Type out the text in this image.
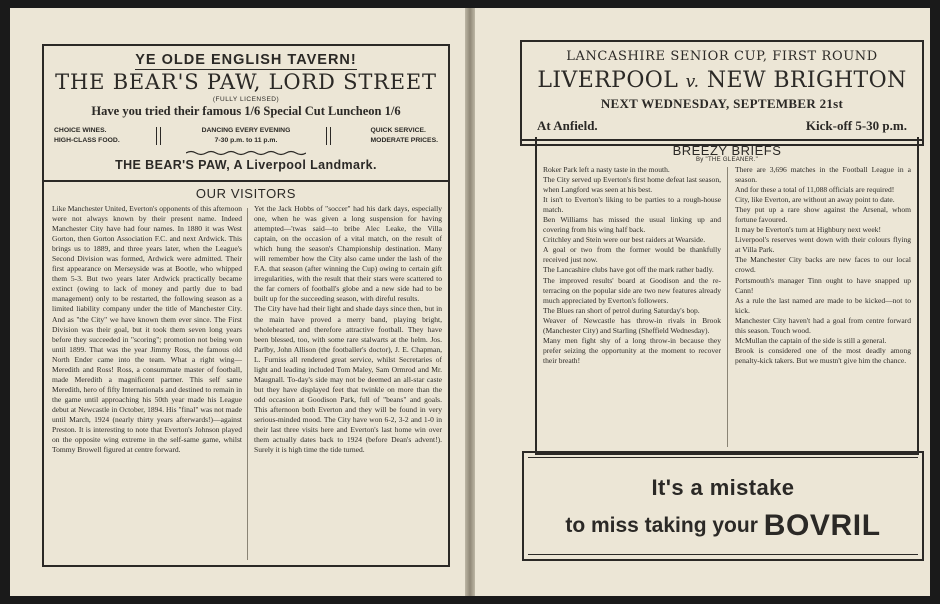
YE OLDE ENGLISH TAVERN!
THE BEAR'S PAW, LORD STREET
(FULLY LICENSED)
Have you tried their famous 1/6 Special Cut Luncheon 1/6
CHOICE WINES.
HIGH-CLASS FOOD.
DANCING EVERY EVENING
7-30 p.m. to 11 p.m.
QUICK SERVICE.
MODERATE PRICES.
THE BEAR'S PAW, A Liverpool Landmark.
OUR VISITORS
Like Manchester United, Everton's opponents of this afternoon were not always known by their present name. Indeed Manchester City have had four names. In 1880 it was West Gorton, then Gorton Association F.C. and next Ardwick. This brings us to 1889, and three years later, when the League's Second Division was formed, Ardwick were admitted. Their first appearance on Merseyside was at Bootle, who whipped them 5-3. But two years later Ardwick practically became extinct (owing to lack of money and partly due to bad management) only to be restarted, the following season as a limited liability company under the title of Manchester City. And as "the City" we have known them ever since. The First Division was their goal, but it took them seven long years before they succeeded in "scoring"; promotion not being won until 1899. That was the year Jimmy Ross, the famous old North Ender came into the team. What a right wing—Meredith and Ross! Ross, a consummate master of football, made Meredith a magnificent partner. This self same Meredith, hero of fifty Internationals and destined to remain in the game until approaching his 50th year made his League debut at Newcastle in October, 1894. His "final" was not made until March, 1924 (nearly thirty years afterwards!)—against Preston. It is interesting to note that Everton's Johnson played on the opposite wing extreme in the self-same game, whilst Tommy Browell figured at centre forward.
Yet the Jack Hobbs of "soccer" had his dark days, especially one, when he was given a long suspension for having attempted—'twas said—to bribe Alec Leake, the Villa captain, on the occasion of a vital match, on the result of which hung the season's Championship destination. Many will remember how the City also came under the lash of the F.A. that season (after winning the Cup) owing to certain gift irregularities, with the result that their stars were scattered to the far corners of football's globe and a new side had to be built up for the succeeding season, with direful results.
The City have had their light and shade days since then, but in the main have proved a merry band, playing bright, wholehearted and therefore attractive football. They have been blessed, too, with some rare stalwarts at the helm. Jos. Parlby, John Allison (the footballer's doctor), J. E. Chapman, L. Furniss all rendered great service, whilst Secretaries of light and leading included Tom Maley, Sam Ormrod and Mr. Maugnall. To-day's side may not be deemed an all-star caste but they have displayed feet that twinkle on more than the odd occasion at Goodison Park, full of "beans" and goals. This afternoon both Everton and they will be found in very serious-minded mood. The City have won 6-2, 3-2 and 1-0 in their last three visits here and Everton's last home win over them actually dates back to 1924 (before Dean's advent!). Surely it is high time the tide turned.
LANCASHIRE SENIOR CUP, FIRST ROUND
LIVERPOOL v. NEW BRIGHTON
NEXT WEDNESDAY, SEPTEMBER 21st
At Anfield.	Kick-off 5-30 p.m.
BREEZY BRIEFS
By "THE GLEANER."
Roker Park left a nasty taste in the mouth.
The City served up Everton's first home defeat last season, when Langford was seen at his best.
It isn't to Everton's liking to be parties to a rough-house match.
Ben Williams has missed the usual linking up and covering from his wing half back.
Critchley and Stein were our best raiders at Wearside.
A goal or two from the former would be thankfully received just now.
The Lancashire clubs have got off the mark rather badly.
The improved results' board at Goodison and the re-terracing on the popular side are two new features already much appreciated by Everton's followers.
The Blues ran short of petrol during Saturday's bop.
Weaver of Newcastle has throw-in rivals in Brook (Manchester City) and Starling (Sheffield Wednesday).
Many men fight shy of a long throw-in because they prefer seizing the opportunity at the moment to recover their breath!
There are 3,696 matches in the Football League in a season.
And for these a total of 11,088 officials are required!
City, like Everton, are without an away point to date.
They put up a rare show against the Arsenal, whom fortune favoured.
It may be Everton's turn at Highbury next week!
Liverpool's reserves went down with their colours flying at Villa Park.
The Manchester City backs are new faces to our local crowd.
Portsmouth's manager Tinn ought to have snapped up Cann!
As a rule the last named are made to be kicked—not to kick.
Manchester City haven't had a goal from centre forward this season. Touch wood.
McMullan the captain of the side is still a general.
Brook is considered one of the most deadly among penalty-kick takers. But we mustn't give him the chance.
It's a mistake
to miss taking your BOVRIL
